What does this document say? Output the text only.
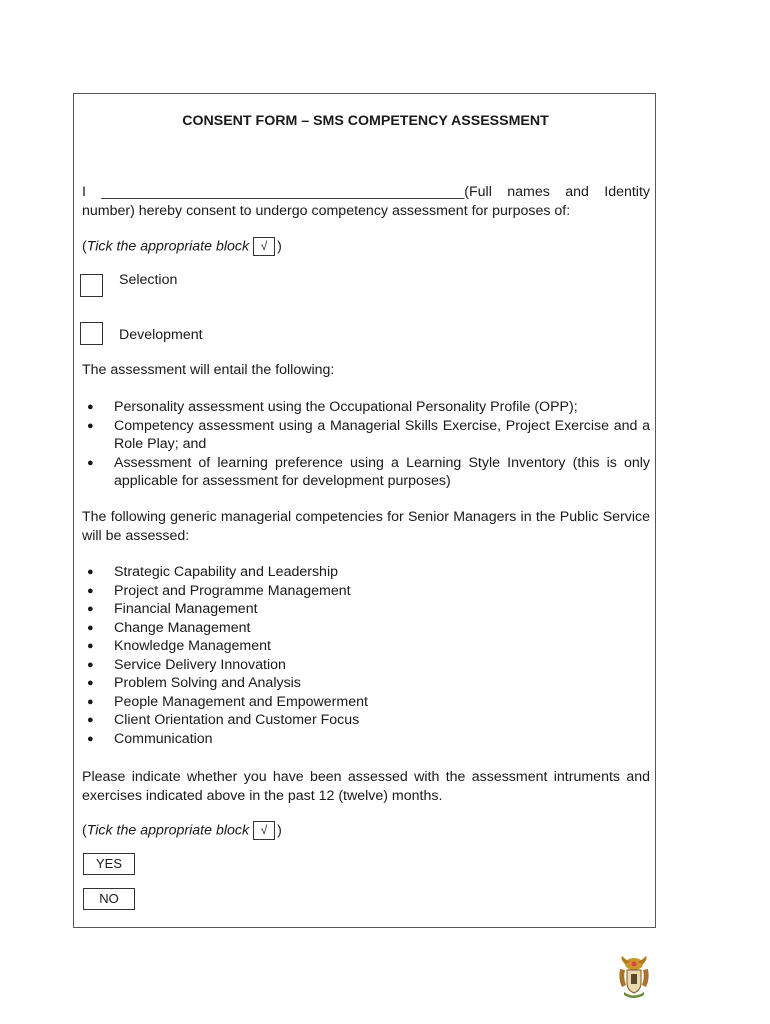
CONSENT FORM – SMS COMPETENCY ASSESSMENT
I ______________________________________________(Full names and Identity
number) hereby consent to undergo competency assessment for purposes of:
(Tick the appropriate block √ )
Selection
Development
The assessment will entail the following:
● Personality assessment using the Occupational Personality Profile (OPP);
● Competency assessment using a Managerial Skills Exercise, Project Exercise and a Role Play; and
● Assessment of learning preference using a Learning Style Inventory (this is only applicable for assessment for development purposes)
The following generic managerial competencies for Senior Managers in the Public Service will be assessed:
● Strategic Capability and Leadership
● Project and Programme Management
● Financial Management
● Change Management
● Knowledge Management
● Service Delivery Innovation
● Problem Solving and Analysis
● People Management and Empowerment
● Client Orientation and Customer Focus
● Communication
Please indicate whether you have been assessed with the assessment intruments and exercises indicated above in the past 12 (twelve) months.
(Tick the appropriate block √ )
YES
NO
